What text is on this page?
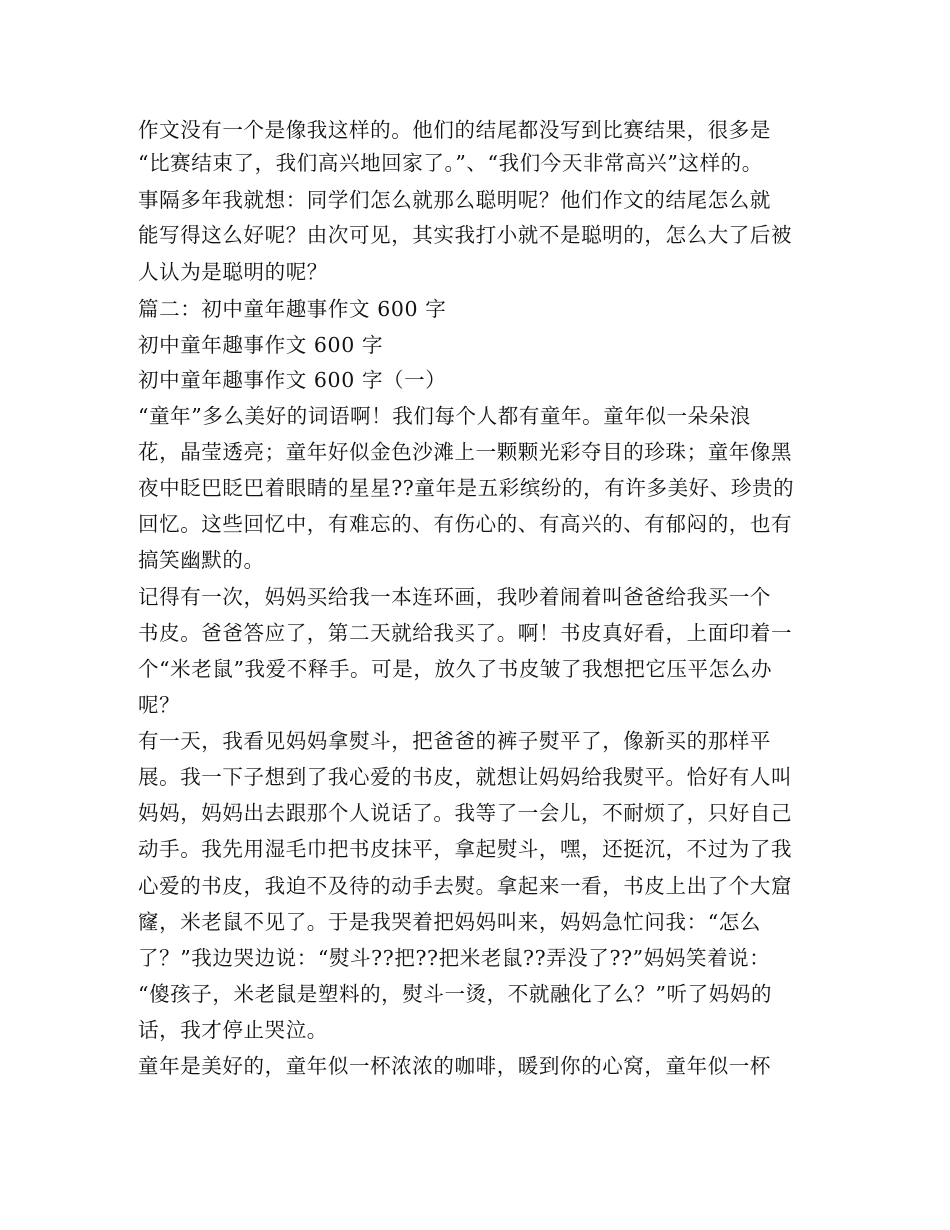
作文没有一个是像我这样的。他们的结尾都没写到比赛结果，很多是
“比赛结束了，我们高兴地回家了。”、“我们今天非常高兴”这样的。
事隔多年我就想：同学们怎么就那么聪明呢？他们作文的结尾怎么就
能写得这么好呢？由次可见，其实我打小就不是聪明的，怎么大了后被
人认为是聪明的呢？
篇二：初中童年趣事作文 600 字
初中童年趣事作文 600 字
初中童年趣事作文 600 字（一）
“童年”多么美好的词语啊！我们每个人都有童年。童年似一朵朵浪
花，晶莹透亮；童年好似金色沙滩上一颗颗光彩夺目的珍珠；童年像黑
夜中眨巴眨巴着眼睛的星星??童年是五彩缤纷的，有许多美好、珍贵的
回忆。这些回忆中，有难忘的、有伤心的、有高兴的、有郁闷的，也有
搞笑幽默的。
记得有一次，妈妈买给我一本连环画，我吵着闹着叫爸爸给我买一个
书皮。爸爸答应了，第二天就给我买了。啊！书皮真好看，上面印着一
个“米老鼠”我爱不释手。可是，放久了书皮皱了我想把它压平怎么办
呢？
有一天，我看见妈妈拿熨斗，把爸爸的裤子熨平了，像新买的那样平
展。我一下子想到了我心爱的书皮，就想让妈妈给我熨平。恰好有人叫
妈妈，妈妈出去跟那个人说话了。我等了一会儿，不耐烦了，只好自己
动手。我先用湿毛巾把书皮抹平，拿起熨斗，嘿，还挺沉，不过为了我
心爱的书皮，我迫不及待的动手去熨。拿起来一看，书皮上出了个大窟
窿，米老鼠不见了。于是我哭着把妈妈叫来，妈妈急忙问我：“怎么
了？”我边哭边说：“熨斗??把??把米老鼠??弄没了??”妈妈笑着说：
“傻孩子，米老鼠是塑料的，熨斗一烫，不就融化了么？”听了妈妈的
话，我才停止哭泣。
童年是美好的，童年似一杯浓浓的咖啡，暖到你的心窝，童年似一杯
